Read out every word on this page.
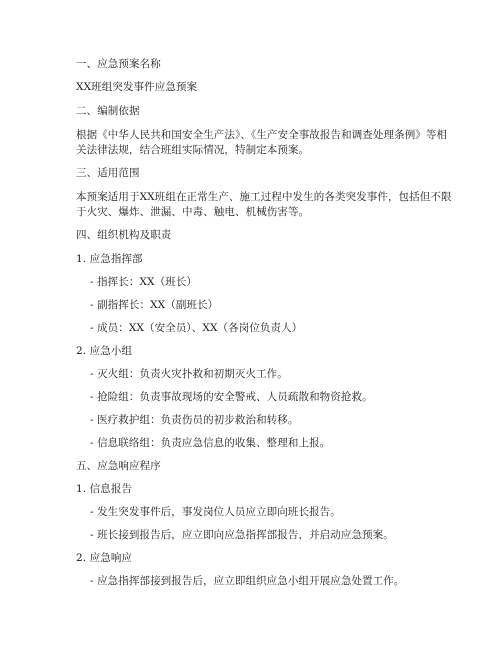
一、应急预案名称
XX班组突发事件应急预案
二、编制依据
根据《中华人民共和国安全生产法》、《生产安全事故报告和调查处理条例》等相
关法律法规，结合班组实际情况，特制定本预案。
三、适用范围
本预案适用于XX班组在正常生产、施工过程中发生的各类突发事件，包括但不限
于火灾、爆炸、泄漏、中毒、触电、机械伤害等。
四、组织机构及职责
1. 应急指挥部
- 指挥长：XX（班长）
- 副指挥长：XX（副班长）
- 成员：XX（安全员）、XX（各岗位负责人）
2. 应急小组
- 灭火组：负责火灾扑救和初期灭火工作。
- 抢险组：负责事故现场的安全警戒、人员疏散和物资抢救。
- 医疗救护组：负责伤员的初步救治和转移。
- 信息联络组：负责应急信息的收集、整理和上报。
五、应急响应程序
1. 信息报告
- 发生突发事件后，事发岗位人员应立即向班长报告。
- 班长接到报告后，应立即向应急指挥部报告，并启动应急预案。
2. 应急响应
- 应急指挥部接到报告后，应立即组织应急小组开展应急处置工作。
